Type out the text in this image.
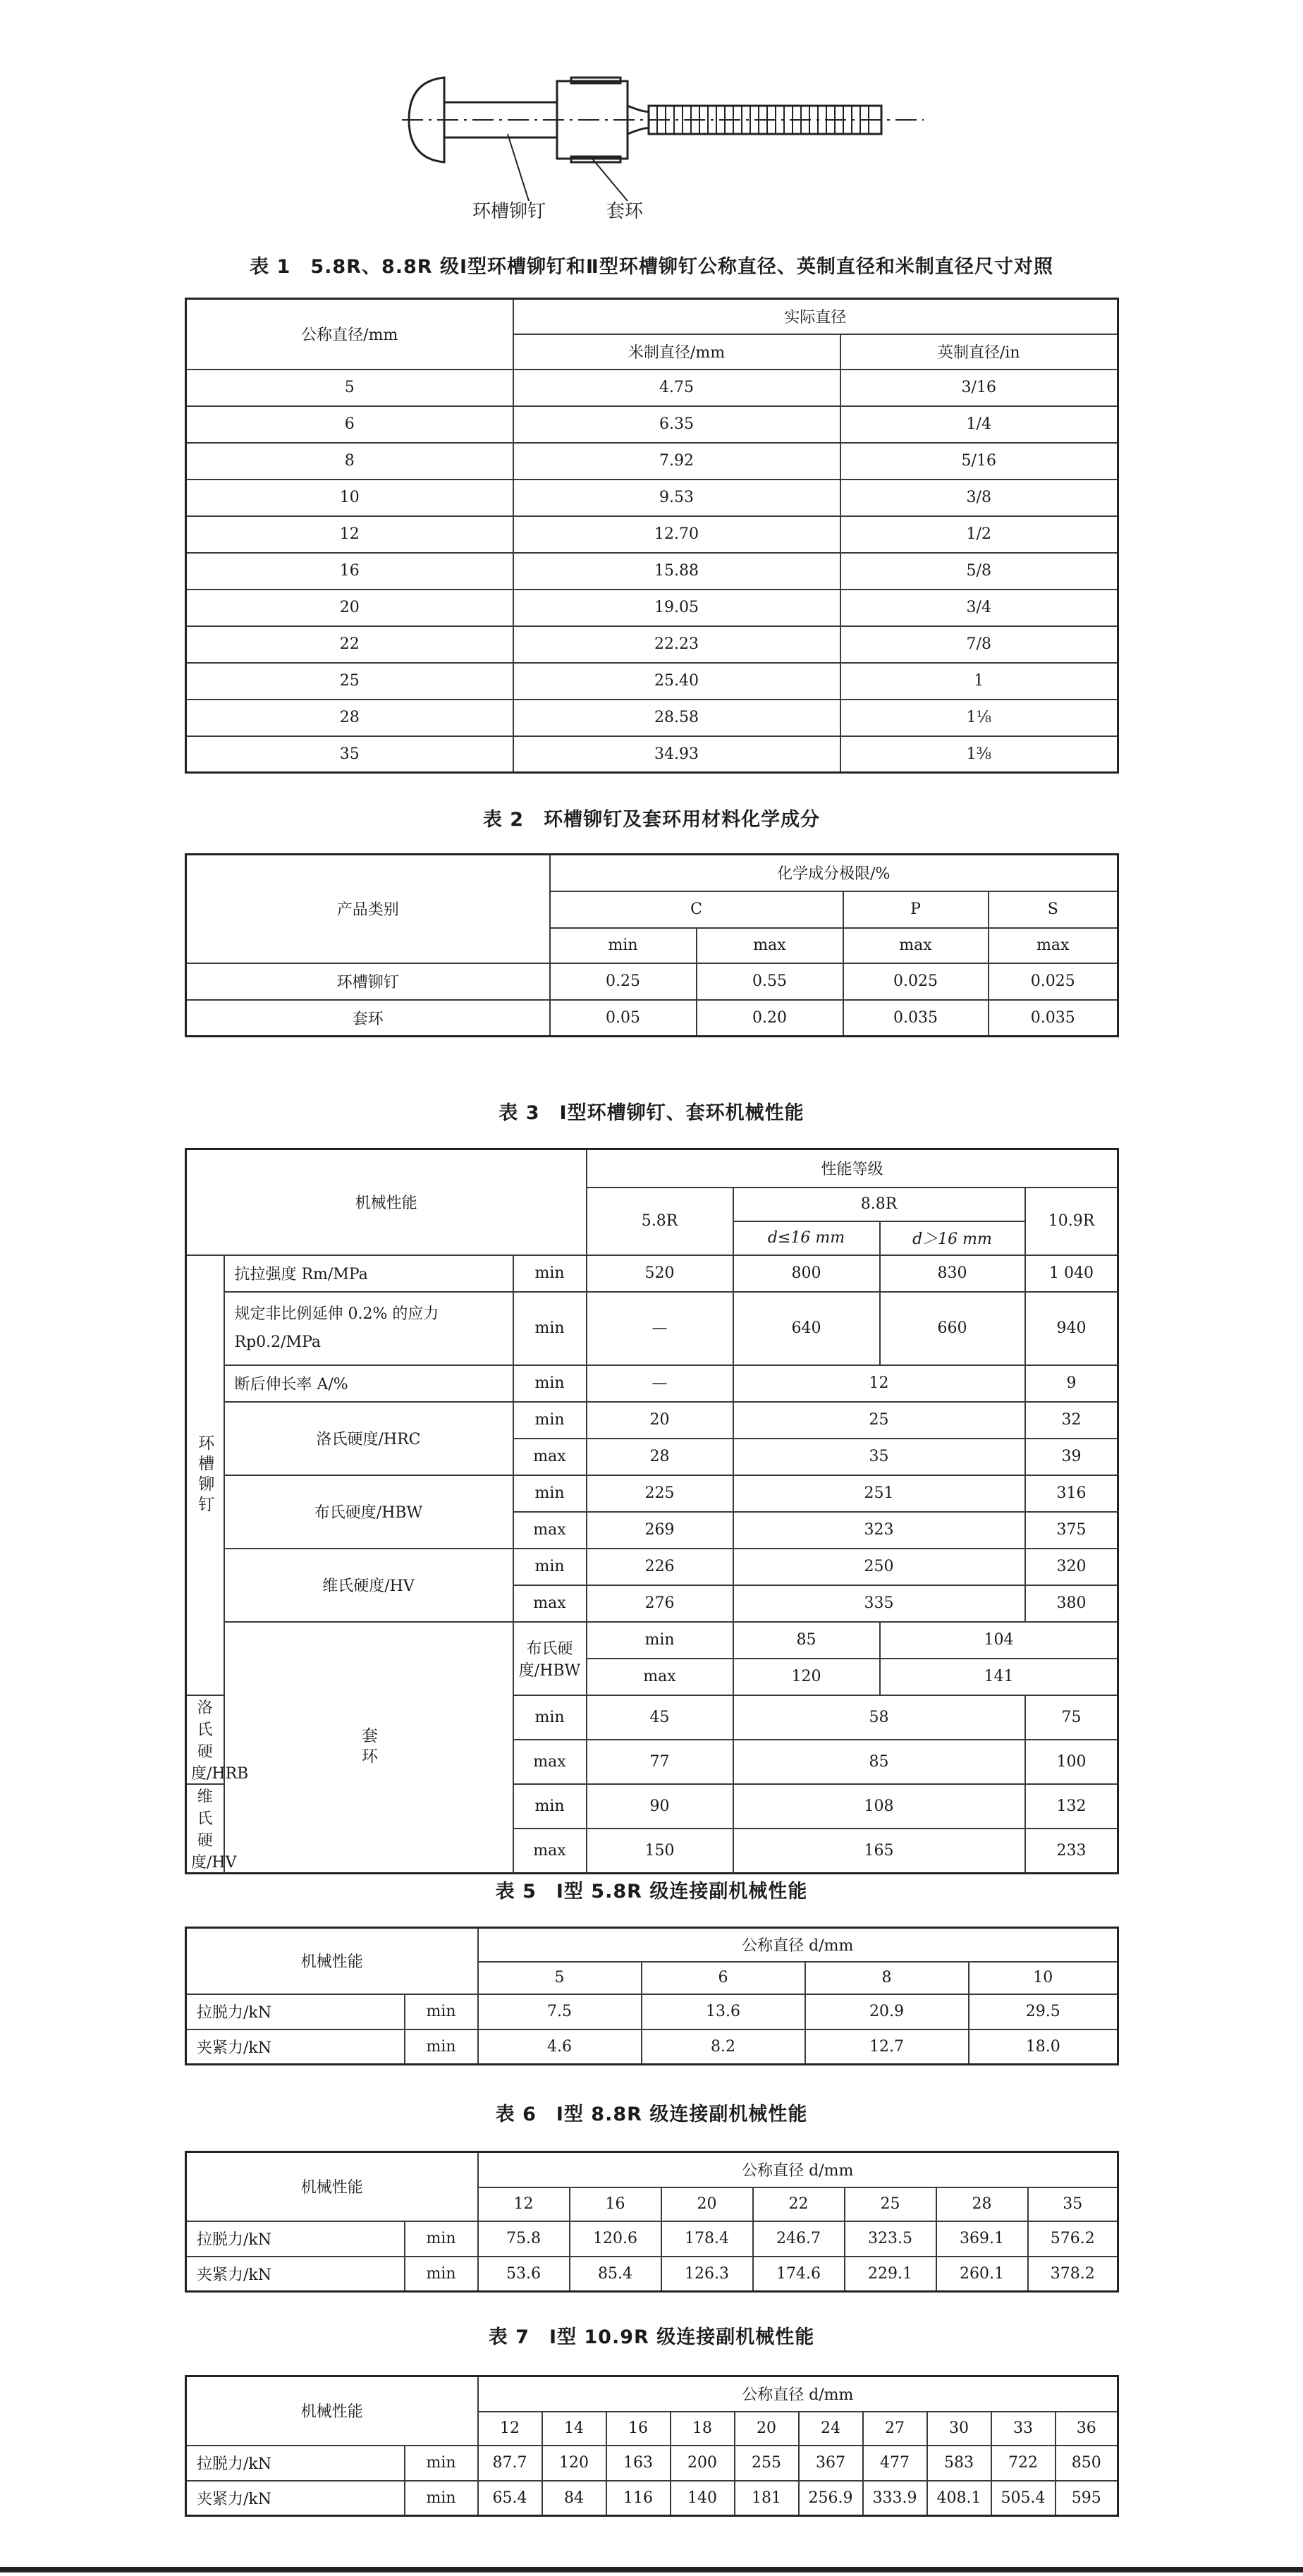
环槽铆钉	套环
表 1　5.8R、8.8R 级Ⅰ型环槽铆钉和Ⅱ型环槽铆钉公称直径、英制直径和米制直径尺寸对照
公称直径/mm	实际直径	
	米制直径/mm	英制直径/in
5	4.75	3/16
6	6.35	1/4
8	7.92	5/16
10	9.53	3/8
12	12.70	1/2
16	15.88	5/8
20	19.05	3/4
22	22.23	7/8
25	25.40	1
28	28.58	1⅛
35	34.93	1⅜
表 2　环槽铆钉及套环用材料化学成分
产品类别	化学成分极限/%			
	C		P	S
	min	max	max	max
环槽铆钉	0.25	0.55	0.025	0.025
套环	0.05	0.20	0.035	0.035
表 3　Ⅰ型环槽铆钉、套环机械性能
机械性能			性能等级				
			5.8R	8.8R		10.9R	
				d≤16 mm	d＞16 mm		
环槽铆钉	抗拉强度 Rm/MPa	min	520	800	830	1 040	
	规定非比例延伸 0.2% 的应力 Rp0.2/MPa	min	—	640	660	940	
	断后伸长率 A/%	min	—	12		9	
	洛氏硬度/HRC	min	20	25		32	
		max	28	35		39	
	布氏硬度/HBW	min	225	251		316	
		max	269	323		375	
	维氏硬度/HV	min	226	250		320	
		max	276	335		380	
	套环	布氏硬度/HBW	min	85	104	
			max	120	141	
洛氏硬度/HRB		min	45	58		75	
		max	77	85		100	
维氏硬度/HV		min	90	108		132	
		max	150	165		233	
表 5　Ⅰ型 5.8R 级连接副机械性能
机械性能		公称直径 d/mm			
		5	6	8	10
拉脱力/kN	min	7.5	13.6	20.9	29.5
夹紧力/kN	min	4.6	8.2	12.7	18.0
表 6　Ⅰ型 8.8R 级连接副机械性能
机械性能		公称直径 d/mm						
		12	16	20	22	25	28	35
拉脱力/kN	min	75.8	120.6	178.4	246.7	323.5	369.1	576.2
夹紧力/kN	min	53.6	85.4	126.3	174.6	229.1	260.1	378.2
表 7　Ⅰ型 10.9R 级连接副机械性能
机械性能		公称直径 d/mm									
		12	14	16	18	20	24	27	30	33	36
拉脱力/kN	min	87.7	120	163	200	255	367	477	583	722	850
夹紧力/kN	min	65.4	84	116	140	181	256.9	333.9	408.1	505.4	595
